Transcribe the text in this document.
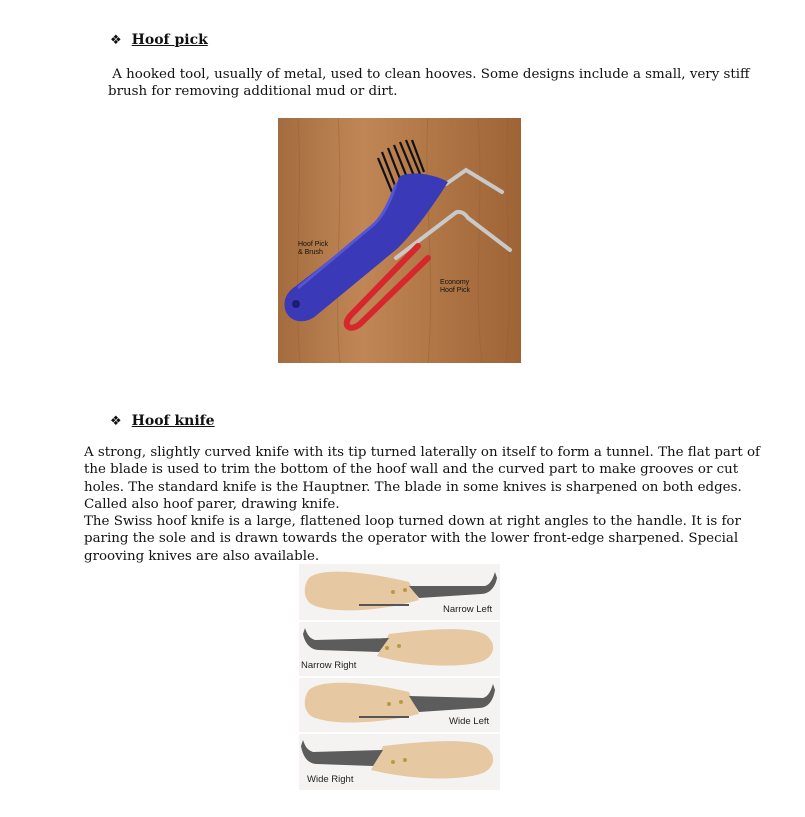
❖ Hoof pick

A hooked tool, usually of metal, used to clean hooves. Some designs include a small, very stiff
brush for removing additional mud or dirt.

Hoof Pick
& Brush
Economy
Hoof Pick
❖ Hoof knife

A strong, slightly curved knife with its tip turned laterally on itself to form a tunnel. The flat part of
the blade is used to trim the bottom of the hoof wall and the curved part to make grooves or cut
holes. The standard knife is the Hauptner. The blade in some knives is sharpened on both edges.
Called also hoof parer, drawing knife.
The Swiss hoof knife is a large, flattened loop turned down at right angles to the handle. It is for
paring the sole and is drawn towards the operator with the lower front-edge sharpened. Special
grooving knives are also available.

Narrow Left
Narrow Right
Wide Left
Wide Right
